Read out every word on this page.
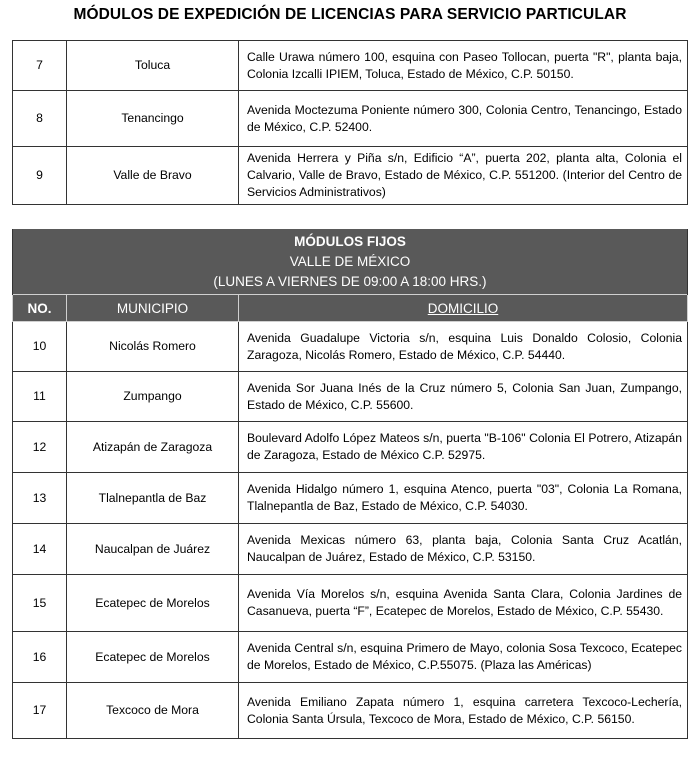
MÓDULOS DE EXPEDICIÓN DE LICENCIAS PARA SERVICIO PARTICULAR
7	Toluca	Calle Urawa número 100, esquina con Paseo Tollocan, puerta "R", planta baja, Colonia Izcalli IPIEM, Toluca, Estado de México, C.P. 50150.
8	Tenancingo	Avenida Moctezuma Poniente número 300, Colonia Centro, Tenancingo, Estado de México, C.P. 52400.
9	Valle de Bravo	Avenida Herrera y Piña s/n, Edificio “A”, puerta 202, planta alta, Colonia el Calvario, Valle de Bravo, Estado de México, C.P. 551200. (Interior del Centro de Servicios Administrativos)
MÓDULOS FIJOS		
VALLE DE MÉXICO		
(LUNES A VIERNES DE 09:00 A 18:00 HRS.)		
NO.	MUNICIPIO	DOMICILIO
10	Nicolás Romero	Avenida Guadalupe Victoria s/n, esquina Luis Donaldo Colosio, Colonia Zaragoza, Nicolás Romero, Estado de México, C.P. 54440.
11	Zumpango	Avenida Sor Juana Inés de la Cruz número 5, Colonia San Juan, Zumpango, Estado de México, C.P. 55600.
12	Atizapán de Zaragoza	Boulevard Adolfo López Mateos s/n, puerta "B-106" Colonia El Potrero, Atizapán de Zaragoza, Estado de México C.P. 52975.
13	Tlalnepantla de Baz	Avenida Hidalgo número 1, esquina Atenco, puerta "03", Colonia La Romana, Tlalnepantla de Baz, Estado de México, C.P. 54030.
14	Naucalpan de Juárez	Avenida Mexicas número 63, planta baja, Colonia Santa Cruz Acatlán, Naucalpan de Juárez, Estado de México, C.P. 53150.
15	Ecatepec de Morelos	Avenida Vía Morelos s/n, esquina Avenida Santa Clara, Colonia Jardines de Casanueva, puerta “F”, Ecatepec de Morelos, Estado de México, C.P. 55430.
16	Ecatepec de Morelos	Avenida Central s/n, esquina Primero de Mayo, colonia Sosa Texcoco, Ecatepec de Morelos, Estado de México, C.P.55075. (Plaza las Américas)
17	Texcoco de Mora	Avenida Emiliano Zapata número 1, esquina carretera Texcoco-Lechería, Colonia Santa Úrsula, Texcoco de Mora, Estado de México, C.P. 56150.
